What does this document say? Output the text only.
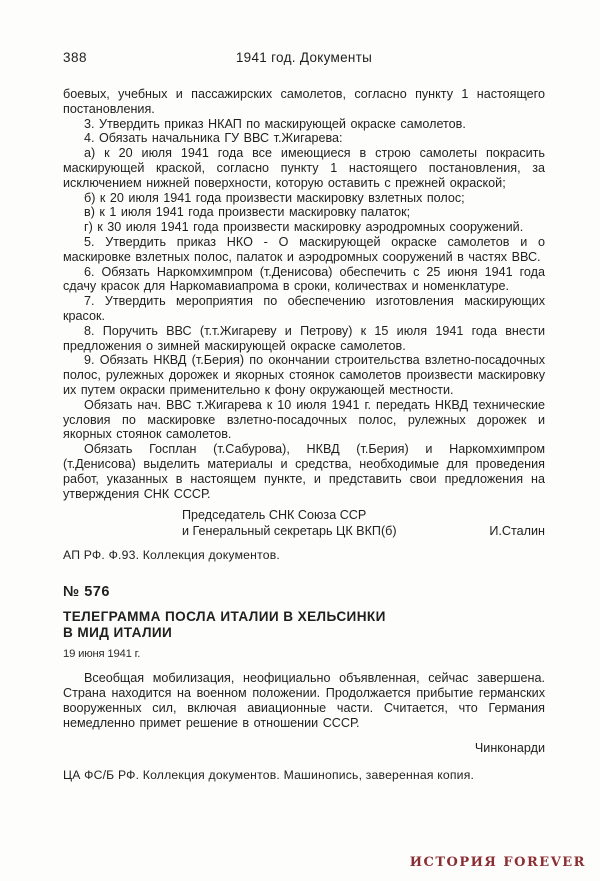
388	1941 год. Документы

боевых, учебных и пассажирских самолетов, согласно пункту 1 настоящего постановления.

3. Утвердить приказ НКАП по маскирующей окраске самолетов.

4. Обязать начальника ГУ ВВС т.Жигарева:

а) к 20 июля 1941 года все имеющиеся в строю самолеты покрасить маскирующей краской, согласно пункту 1 настоящего постановления, за исключением нижней поверхности, которую оставить с прежней окраской;

б) к 20 июля 1941 года произвести маскировку взлетных полос;

в) к 1 июля 1941 года произвести маскировку палаток;

г) к 30 июля 1941 года произвести маскировку аэродромных сооружений.

5. Утвердить приказ НКО - О маскирующей окраске самолетов и о маскировке взлетных полос, палаток и аэродромных сооружений в частях ВВС.

6. Обязать Наркомхимпром (т.Денисова) обеспечить с 25 июня 1941 года сдачу красок для Наркомавиапрома в сроки, количествах и номенклатуре.

7. Утвердить мероприятия по обеспечению изготовления маскирующих красок.

8. Поручить ВВС (т.т.Жигареву и Петрову) к 15 июля 1941 года внести предложения о зимней маскирующей окраске самолетов.

9. Обязать НКВД (т.Берия) по окончании строительства взлетно-посадочных полос, рулежных дорожек и якорных стоянок самолетов произвести маскировку их путем окраски применительно к фону окружающей местности.

Обязать нач. ВВС т.Жигарева к 10 июля 1941 г. передать НКВД технические условия по маскировке взлетно-посадочных полос, рулежных дорожек и якорных стоянок самолетов.

Обязать Госплан (т.Сабурова), НКВД (т.Берия) и Наркомхимпром (т.Денисова) выделить материалы и средства, необходимые для проведения работ, указанных в настоящем пункте, и представить свои предложения на утверждения СНК СССР.

Председатель СНК Союза ССР
и Генеральный секретарь ЦК ВКП(б)	И.Сталин

АП РФ. Ф.93. Коллекция документов.

№ 576
ТЕЛЕГРАММА ПОСЛА ИТАЛИИ В ХЕЛЬСИНКИ
В МИД ИТАЛИИ
19 июня 1941 г.

Всеобщая мобилизация, неофициально объявленная, сейчас завершена. Страна находится на военном положении. Продолжается прибытие германских вооруженных сил, включая авиационные части. Считается, что Германия немедленно примет решение в отношении СССР.

Чинконарди

ЦА ФС/Б РФ. Коллекция документов. Машинопись, заверенная копия.

ИСТОРИЯ FOREVER
